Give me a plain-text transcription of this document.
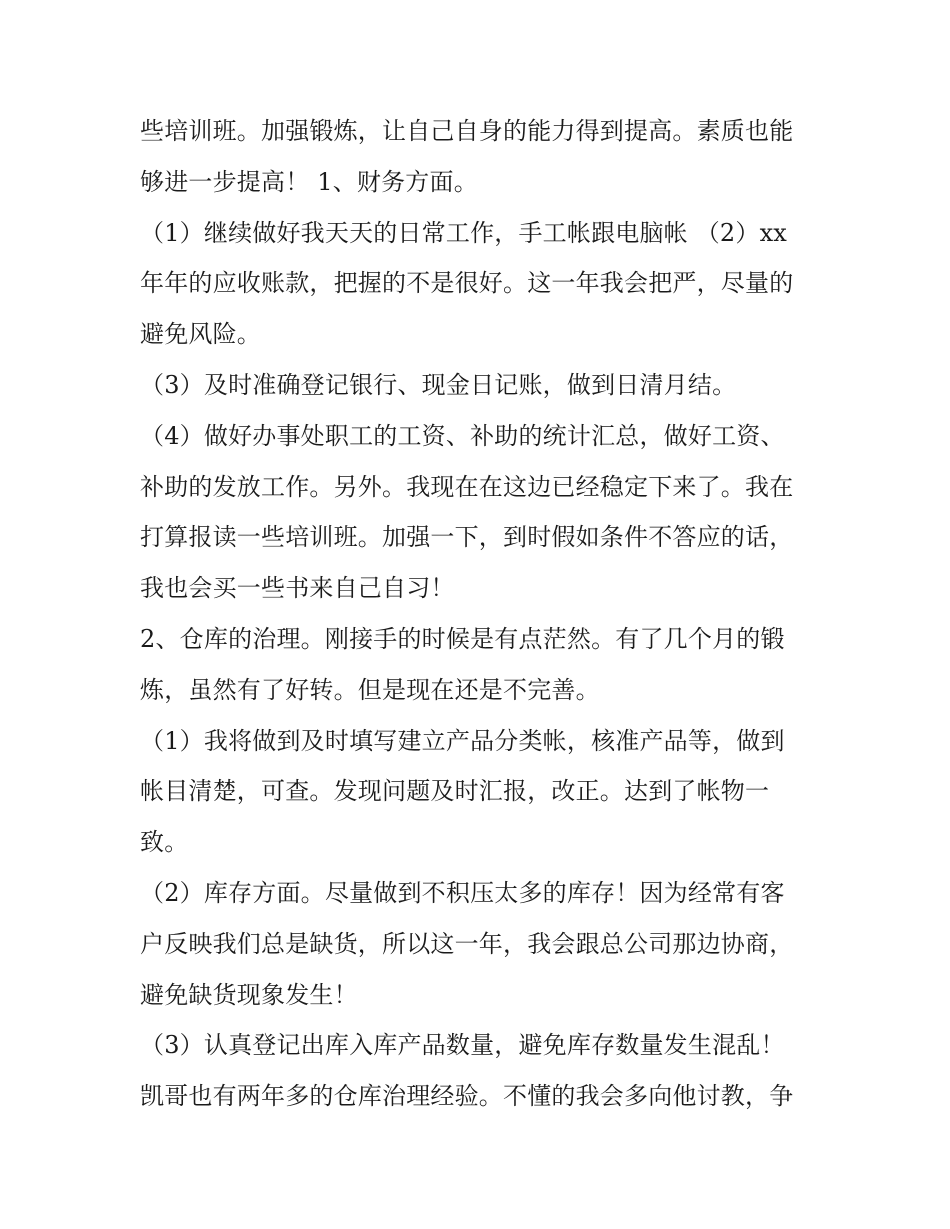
些培训班。加强锻炼，让自己自身的能力得到提高。素质也能
够进一步提高！ 1、财务方面。
（1）继续做好我天天的日常工作，手工帐跟电脑帐 （2）xx
年年的应收账款，把握的不是很好。这一年我会把严，尽量的
避免风险。
（3）及时准确登记银行、现金日记账，做到日清月结。
（4）做好办事处职工的工资、补助的统计汇总，做好工资、
补助的发放工作。另外。我现在在这边已经稳定下来了。我在
打算报读一些培训班。加强一下，到时假如条件不答应的话，
我也会买一些书来自己自习！
2、仓库的治理。刚接手的时候是有点茫然。有了几个月的锻
炼，虽然有了好转。但是现在还是不完善。
（1）我将做到及时填写建立产品分类帐，核准产品等，做到
帐目清楚，可查。发现问题及时汇报，改正。达到了帐物一
致。
（2）库存方面。尽量做到不积压太多的库存！因为经常有客
户反映我们总是缺货，所以这一年，我会跟总公司那边协商，
避免缺货现象发生！
（3）认真登记出库入库产品数量，避免库存数量发生混乱！
凯哥也有两年多的仓库治理经验。不懂的我会多向他讨教，争
